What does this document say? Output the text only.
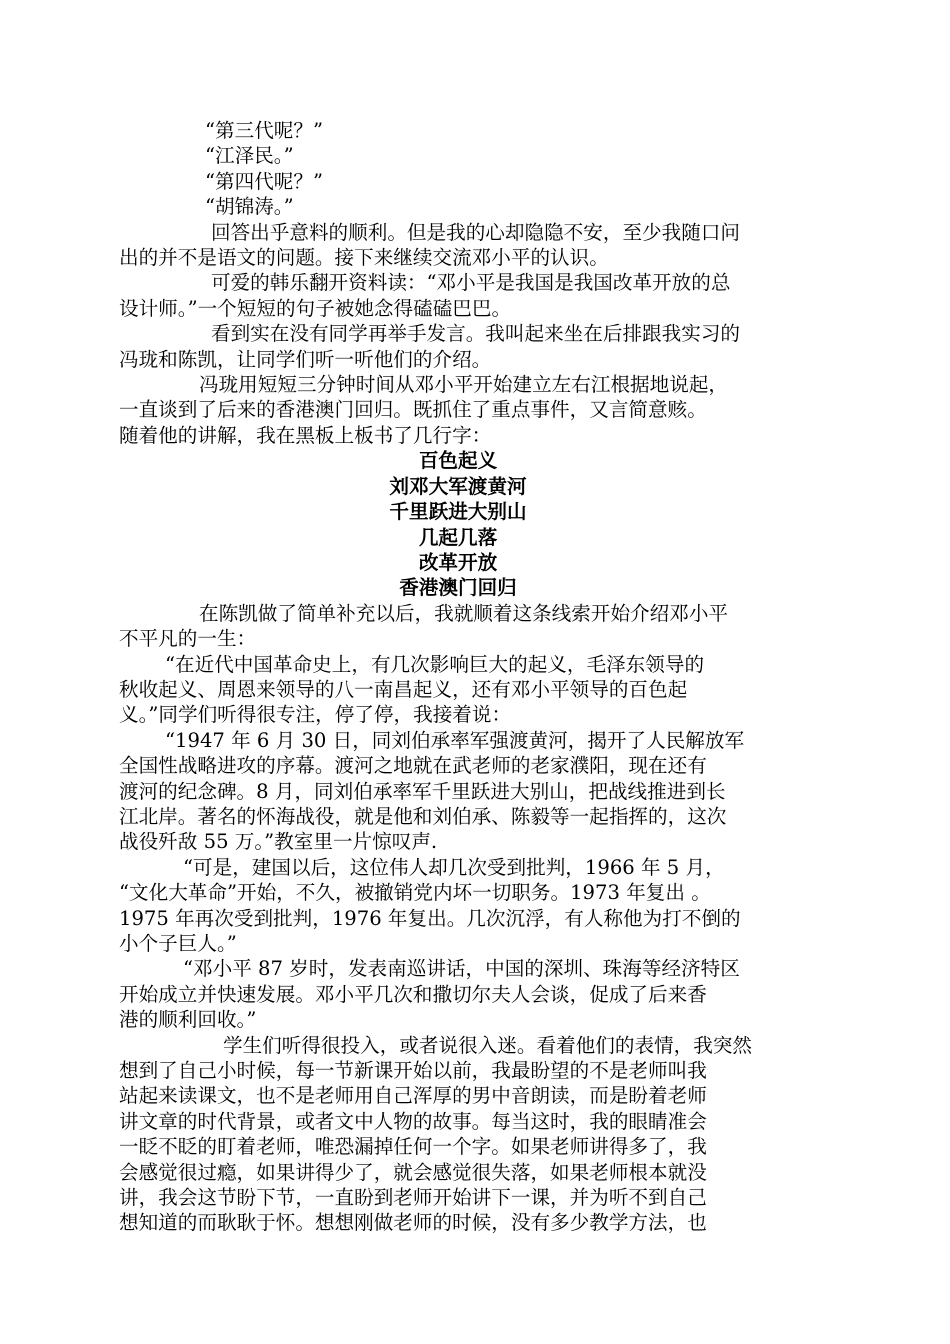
“第三代呢？”

“江泽民。”

“第四代呢？”

“胡锦涛。”

回答出乎意料的顺利。但是我的心却隐隐不安，至少我随口问

出的并不是语文的问题。接下来继续交流邓小平的认识。

可爱的韩乐翻开资料读：“邓小平是我国是我国改革开放的总

设计师。”一个短短的句子被她念得磕磕巴巴。

看到实在没有同学再举手发言。我叫起来坐在后排跟我实习的

冯珑和陈凯，让同学们听一听他们的介绍。

冯珑用短短三分钟时间从邓小平开始建立左右江根据地说起，

一直谈到了后来的香港澳门回归。既抓住了重点事件，又言简意赅。

随着他的讲解，我在黑板上板书了几行字：

百色起义

刘邓大军渡黄河

千里跃进大别山

几起几落

改革开放

香港澳门回归

在陈凯做了简单补充以后，我就顺着这条线索开始介绍邓小平

不平凡的一生：

“在近代中国革命史上，有几次影响巨大的起义，毛泽东领导的

秋收起义、周恩来领导的八一南昌起义，还有邓小平领导的百色起

义。”同学们听得很专注，停了停，我接着说：

“1947 年 6 月 30 日，同刘伯承率军强渡黄河，揭开了人民解放军

全国性战略进攻的序幕。渡河之地就在武老师的老家濮阳，现在还有

渡河的纪念碑。8 月，同刘伯承率军千里跃进大别山，把战线推进到长

江北岸。著名的怀海战役，就是他和刘伯承、陈毅等一起指挥的，这次

战役歼敌 55 万。”教室里一片惊叹声.

“可是，建国以后，这位伟人却几次受到批判，1966 年 5 月，

“文化大革命”开始，不久，被撤销党内坏一切职务。1973 年复出 。

1975 年再次受到批判，1976 年复出。几次沉浮，有人称他为打不倒的

小个子巨人。”

“邓小平 87 岁时，发表南巡讲话，中国的深圳、珠海等经济特区

开始成立并快速发展。邓小平几次和撒切尔夫人会谈，促成了后来香

港的顺利回收。”

学生们听得很投入，或者说很入迷。看着他们的表情，我突然

想到了自己小时候，每一节新课开始以前，我最盼望的不是老师叫我

站起来读课文，也不是老师用自己浑厚的男中音朗读，而是盼着老师

讲文章的时代背景，或者文中人物的故事。每当这时，我的眼睛准会

一眨不眨的盯着老师，唯恐漏掉任何一个字。如果老师讲得多了，我

会感觉很过瘾，如果讲得少了，就会感觉很失落，如果老师根本就没

讲，我会这节盼下节，一直盼到老师开始讲下一课，并为听不到自己

想知道的而耿耿于怀。想想刚做老师的时候，没有多少教学方法，也
